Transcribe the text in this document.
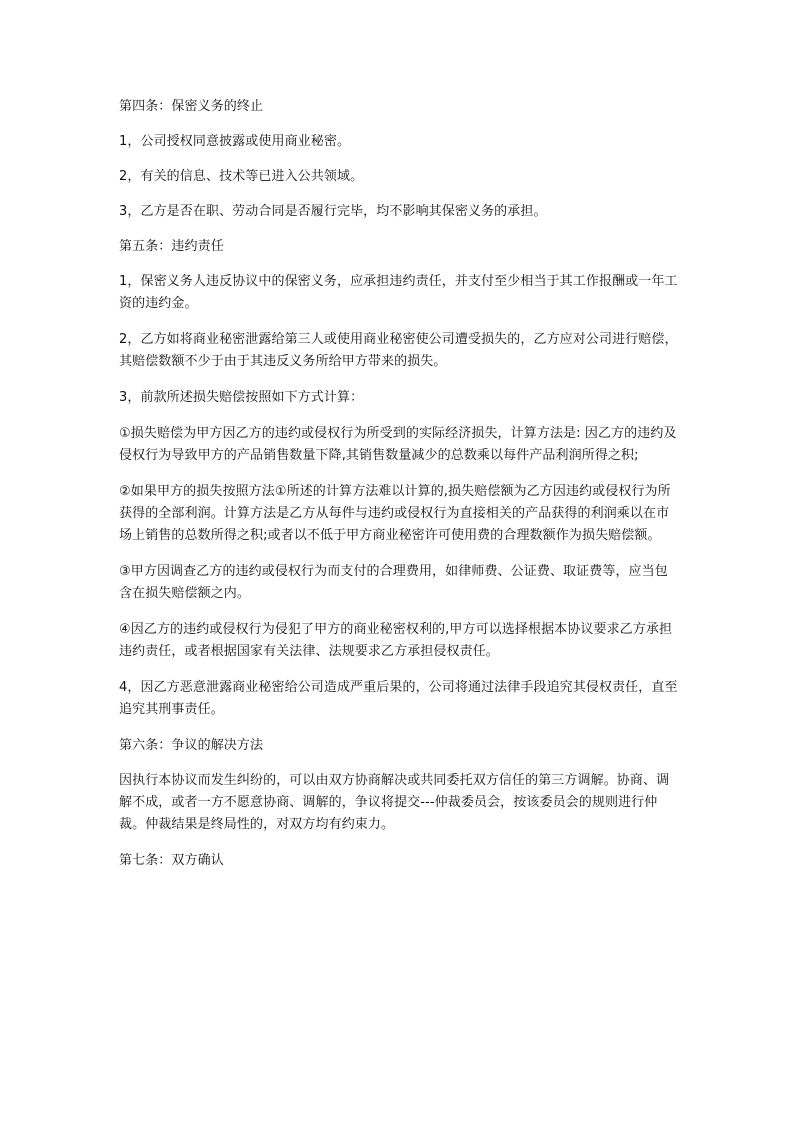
第四条：保密义务的终止

1，公司授权同意披露或使用商业秘密。

2，有关的信息、技术等已进入公共领域。

3，乙方是否在职、劳动合同是否履行完毕，均不影响其保密义务的承担。

第五条：违约责任

1，保密义务人违反协议中的保密义务，应承担违约责任，并支付至少相当于其工作报酬或一年工资的违约金。

2，乙方如将商业秘密泄露给第三人或使用商业秘密使公司遭受损失的，乙方应对公司进行赔偿，其赔偿数额不少于由于其违反义务所给甲方带来的损失。

3，前款所述损失赔偿按照如下方式计算：

①损失赔偿为甲方因乙方的违约或侵权行为所受到的实际经济损失，计算方法是: 因乙方的违约及侵权行为导致甲方的产品销售数量下降,其销售数量减少的总数乘以每件产品利润所得之积;

②如果甲方的损失按照方法①所述的计算方法难以计算的,损失赔偿额为乙方因违约或侵权行为所获得的全部利润。计算方法是乙方从每件与违约或侵权行为直接相关的产品获得的利润乘以在市场上销售的总数所得之积;或者以不低于甲方商业秘密许可使用费的合理数额作为损失赔偿额。

③甲方因调查乙方的违约或侵权行为而支付的合理费用，如律师费、公证费、取证费等，应当包含在损失赔偿额之内。

④因乙方的违约或侵权行为侵犯了甲方的商业秘密权利的,甲方可以选择根据本协议要求乙方承担违约责任，或者根据国家有关法律、法规要求乙方承担侵权责任。

4，因乙方恶意泄露商业秘密给公司造成严重后果的，公司将通过法律手段追究其侵权责任，直至追究其刑事责任。

第六条：争议的解决方法

因执行本协议而发生纠纷的，可以由双方协商解决或共同委托双方信任的第三方调解。协商、调解不成，或者一方不愿意协商、调解的，争议将提交---仲裁委员会，按该委员会的规则进行仲裁。仲裁结果是终局性的，对双方均有约束力。

第七条：双方确认
